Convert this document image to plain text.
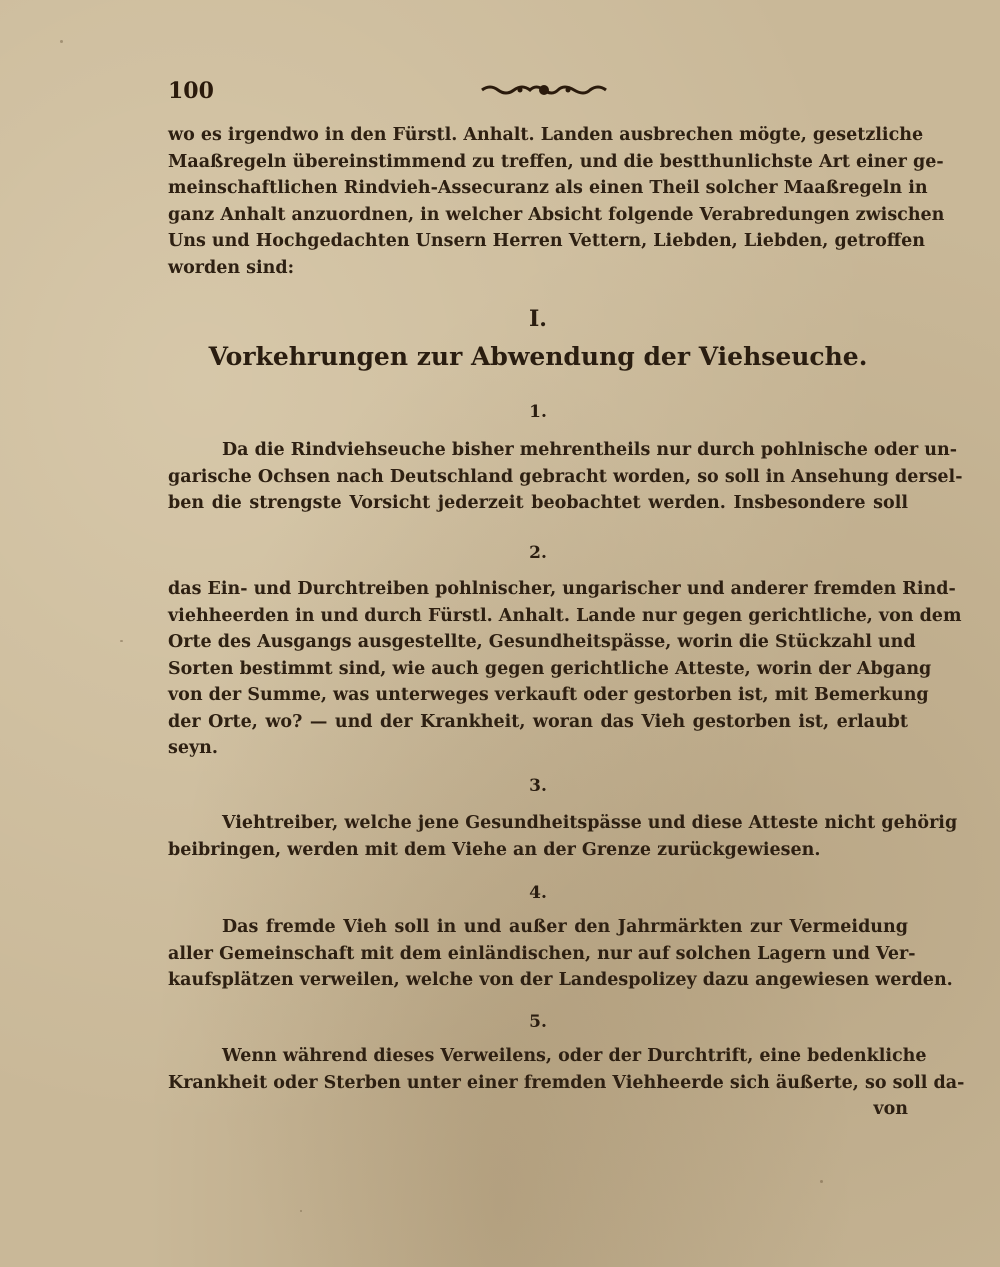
100
wo es irgendwo in den Fürstl. Anhalt. Landen ausbrechen mögte, gesetzliche
Maaßregeln übereinstimmend zu treffen, und die bestthunlichste Art einer ge-
meinschaftlichen Rindvieh-Assecuranz als einen Theil solcher Maaßregeln in
ganz Anhalt anzuordnen, in welcher Absicht folgende Verabredungen zwischen
Uns und Hochgedachten Unsern Herren Vettern, Liebden, Liebden, getroffen
worden sind:
I.
Vorkehrungen zur Abwendung der Viehseuche.
1.
Da die Rindviehseuche bisher mehrentheils nur durch pohlnische oder un-
garische Ochsen nach Deutschland gebracht worden, so soll in Ansehung dersel-
ben die strengste Vorsicht jederzeit beobachtet werden. Insbesondere soll
2.
das Ein- und Durchtreiben pohlnischer, ungarischer und anderer fremden Rind-
viehheerden in und durch Fürstl. Anhalt. Lande nur gegen gerichtliche, von dem
Orte des Ausgangs ausgestellte, Gesundheitspässe, worin die Stückzahl und
Sorten bestimmt sind, wie auch gegen gerichtliche Atteste, worin der Abgang
von der Summe, was unterweges verkauft oder gestorben ist, mit Bemerkung
der Orte, wo? — und der Krankheit, woran das Vieh gestorben ist, erlaubt
seyn.
3.
Viehtreiber, welche jene Gesundheitspässe und diese Atteste nicht gehörig
beibringen, werden mit dem Viehe an der Grenze zurückgewiesen.
4.
Das fremde Vieh soll in und außer den Jahrmärkten zur Vermeidung
aller Gemeinschaft mit dem einländischen, nur auf solchen Lagern und Ver-
kaufsplätzen verweilen, welche von der Landespolizey dazu angewiesen werden.
5.
Wenn während dieses Verweilens, oder der Durchtrift, eine bedenkliche
Krankheit oder Sterben unter einer fremden Viehheerde sich äußerte, so soll da-
von
